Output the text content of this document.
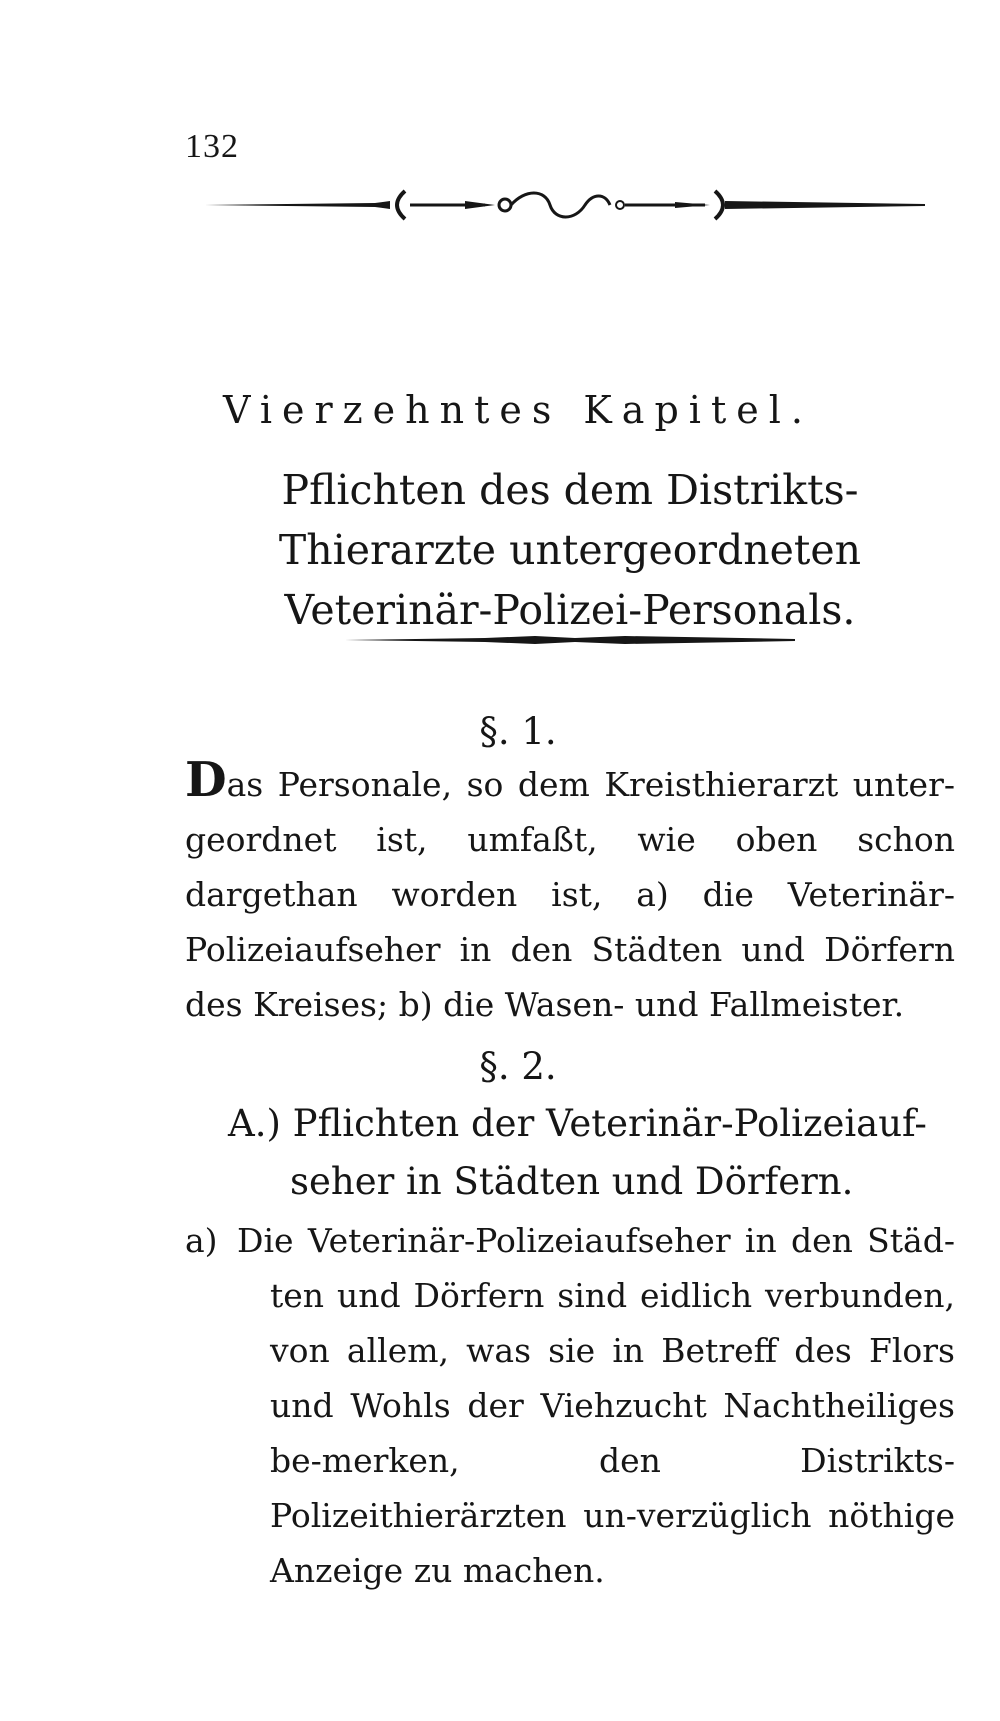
132
Vierzehntes Kapitel.
Pflichten des dem Distrikts-Thierarzte untergeordneten Veterinär-Polizei-Personals.
§. 1.
Das Personale, so dem Kreisthierarzt unter-geordnet ist, umfaßt, wie oben schon dargethan worden ist, a) die Veterinär-Polizeiaufseher in den Städten und Dörfern des Kreises; b) die Wasen- und Fallmeister.
§. 2.
A.) Pflichten der Veterinär-Polizeiauf-seher in Städten und Dörfern.
a) Die Veterinär-Polizeiaufseher in den Städ-ten und Dörfern sind eidlich verbunden, von allem, was sie in Betreff des Flors und Wohls der Viehzucht Nachtheiliges be-merken, den Distrikts-Polizeithierärzten un-verzüglich nöthige Anzeige zu machen.
